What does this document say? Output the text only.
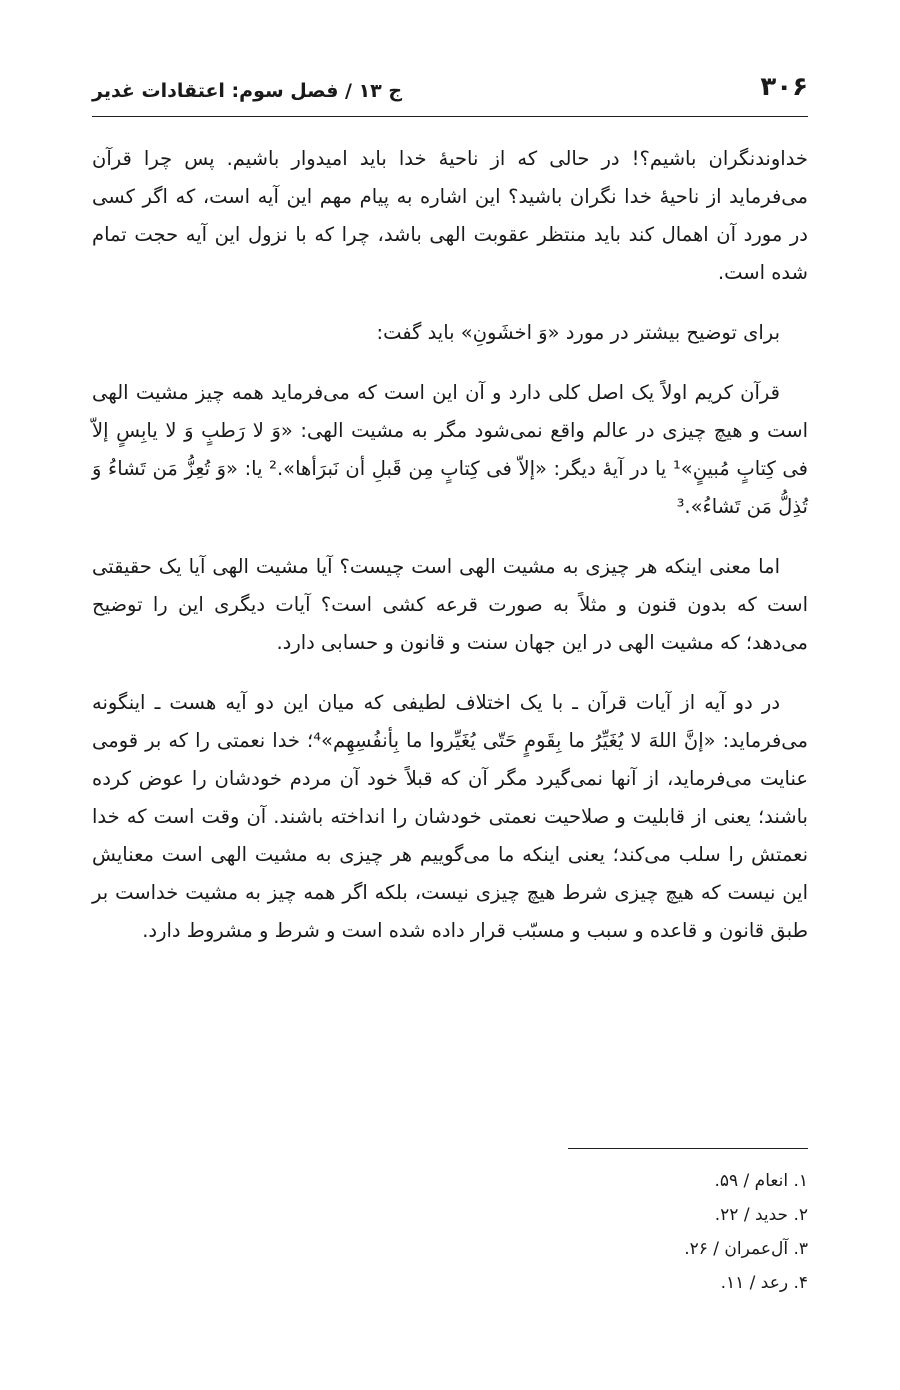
۳۰۶
ج ۱۳ / فصل سوم: اعتقادات غدیر

خداوندنگران باشیم؟! در حالی که از ناحیهٔ خدا باید امیدوار باشیم. پس چرا قرآن می‌فرماید از ناحیهٔ خدا نگران باشید؟ این اشاره به پیام مهم این آیه است، که اگر کسی در مورد آن اهمال کند باید منتظر عقوبت الهی باشد، چرا که با نزول این آیه حجت تمام شده است.

برای توضیح بیشتر در مورد «وَ اخشَونِ» باید گفت:

قرآن کریم اولاً یک اصل کلی دارد و آن این است که می‌فرماید همه چیز مشیت الهی است و هیچ چیزی در عالم واقع نمی‌شود مگر به مشیت الهی: «وَ لا رَطبٍ وَ لا یابِسٍ إلاّ فی کِتابٍ مُبینٍ»¹ یا در آیهٔ دیگر: «إلاّ فی کِتابٍ مِن قَبلِ أن نَبرَأها».² یا: «وَ تُعِزُّ مَن تَشاءُ وَ تُذِلُّ مَن تَشاءُ».³

اما معنی اینکه هر چیزی به مشیت الهی است چیست؟ آیا مشیت الهی آیا یک حقیقتی است که بدون قنون و مثلاً به صورت قرعه کشی است؟ آیات دیگری این را توضیح می‌دهد؛ که مشیت الهی در این جهان سنت و قانون و حسابی دارد.

در دو آیه از آیات قرآن ـ با یک اختلاف لطیفی که میان این دو آیه هست ـ اینگونه می‌فرماید: «إنَّ اللهَ لا یُغَیِّرُ ما بِقَومٍ حَتّی یُغَیِّروا ما بِأنفُسِهِم»⁴؛ خدا نعمتی را که بر قومی عنایت می‌فرماید، از آنها نمی‌گیرد مگر آن که قبلاً خود آن مردم خودشان را عوض کرده باشند؛ یعنی از قابلیت و صلاحیت نعمتی خودشان را انداخته باشند. آن وقت است که خدا نعمتش را سلب می‌کند؛ یعنی اینکه ما می‌گوییم هر چیزی به مشیت الهی است معنایش این نیست که هیچ چیزی شرط هیچ چیزی نیست، بلکه اگر همه چیز به مشیت خداست بر طبق قانون و قاعده و سبب و مسبّب قرار داده شده است و شرط و مشروط دارد.

۱. انعام / ۵۹.
۲. حدید / ۲۲.
۳. آل‌عمران / ۲۶.
۴. رعد / ۱۱.
